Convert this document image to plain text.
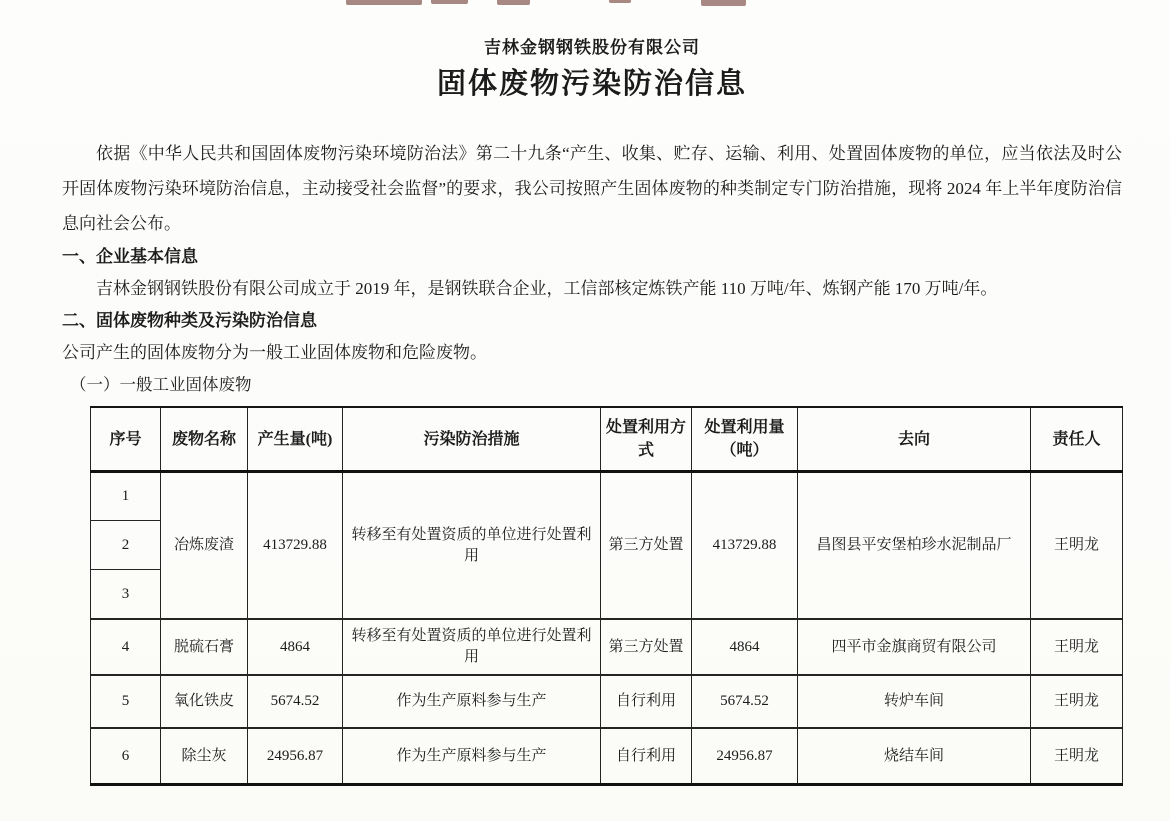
吉林金钢钢铁股份有限公司
固体废物污染防治信息

依据《中华人民共和国固体废物污染环境防治法》第二十九条“产生、收集、贮存、运输、利用、处置固体废物的单位，应当依法及时公开固体废物污染环境防治信息，主动接受社会监督”的要求，我公司按照产生固体废物的种类制定专门防治措施，现将 2024 年上半年度防治信息向社会公布。

一、企业基本信息

吉林金钢钢铁股份有限公司成立于 2019 年，是钢铁联合企业，工信部核定炼铁产能 110 万吨/年、炼钢产能 170 万吨/年。

二、固体废物种类及污染防治信息

公司产生的固体废物分为一般工业固体废物和危险废物。

（一）一般工业固体废物

序号	废物名称	产生量(吨)	污染防治措施	处置利用方式	处置利用量（吨）	去向	责任人
1	冶炼废渣	413729.88	转移至有处置资质的单位进行处置利用	第三方处置	413729.88	昌图县平安堡柏珍水泥制品厂	王明龙
2							
3							
4	脱硫石膏	4864	转移至有处置资质的单位进行处置利用	第三方处置	4864	四平市金旗商贸有限公司	王明龙
5	氧化铁皮	5674.52	作为生产原料参与生产	自行利用	5674.52	转炉车间	王明龙
6	除尘灰	24956.87	作为生产原料参与生产	自行利用	24956.87	烧结车间	王明龙
